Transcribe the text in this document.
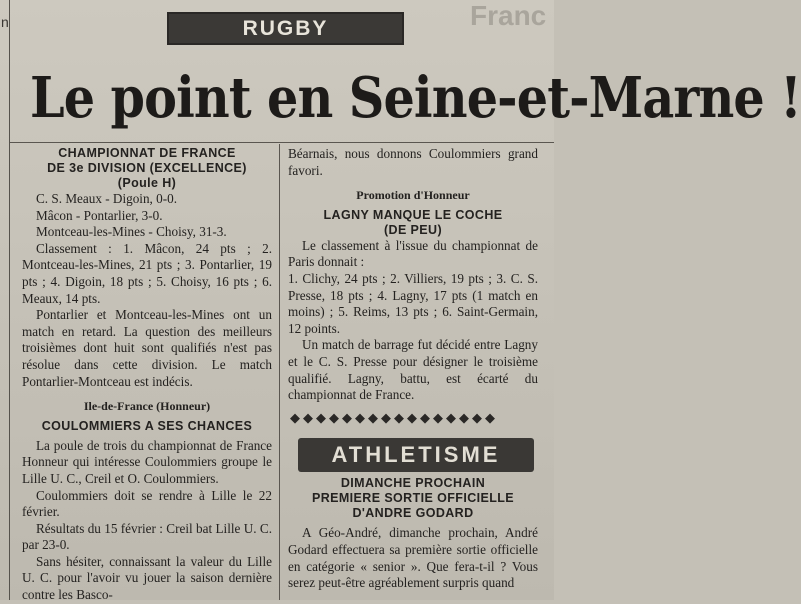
n	Franc
RUGBY
Le point en Seine-et-Marne !

CHAMPIONNAT DE FRANCE

DE 3e DIVISION (EXCELLENCE)

(Poule H)

C. S. Meaux - Digoin, 0-0.

Mâcon - Pontarlier, 3-0.

Montceau-les-Mines - Choisy, 31-3.

Classement : 1. Mâcon, 24 pts ; 2. Montceau-les-Mines, 21 pts ; 3. Pontarlier, 19 pts ; 4. Digoin, 18 pts ; 5. Choisy, 16 pts ; 6. Meaux, 14 pts.

Pontarlier et Montceau-les-Mines ont un match en retard. La question des meilleurs troisièmes dont huit sont qualifiés n'est pas résolue dans cette division. Le match Pontarlier-Montceau est indécis.

Ile-de-France (Honneur)

COULOMMIERS A SES CHANCES

La poule de trois du championnat de France Honneur qui intéresse Coulommiers groupe le Lille U. C., Creil et O. Coulommiers.

Coulommiers doit se rendre à Lille le 22 février.

Résultats du 15 février : Creil bat Lille U. C. par 23-0.

Sans hésiter, connaissant la valeur du Lille U. C. pour l'avoir vu jouer la saison dernière contre les Basco-

Béarnais, nous donnons Coulommiers grand favori.

Promotion d'Honneur

LAGNY MANQUE LE COCHE

(DE PEU)

Le classement à l'issue du championnat de Paris donnait :

1. Clichy, 24 pts ; 2. Villiers, 19 pts ; 3. C. S. Presse, 18 pts ; 4. Lagny, 17 pts (1 match en moins) ; 5. Reims, 13 pts ; 6. Saint-Germain, 12 points.

Un match de barrage fut décidé entre Lagny et le C. S. Presse pour désigner le troisième qualifié. Lagny, battu, est écarté du championnat de France.

◆◆◆◆◆◆◆◆◆◆◆◆◆◆◆◆
ATHLETISME

DIMANCHE PROCHAIN

PREMIERE SORTIE OFFICIELLE

D'ANDRE GODARD

A Géo-André, dimanche prochain, André Godard effectuera sa première sortie officielle en catégorie « senior ». Que fera-t-il ? Vous serez peut-être agréablement surpris quand
